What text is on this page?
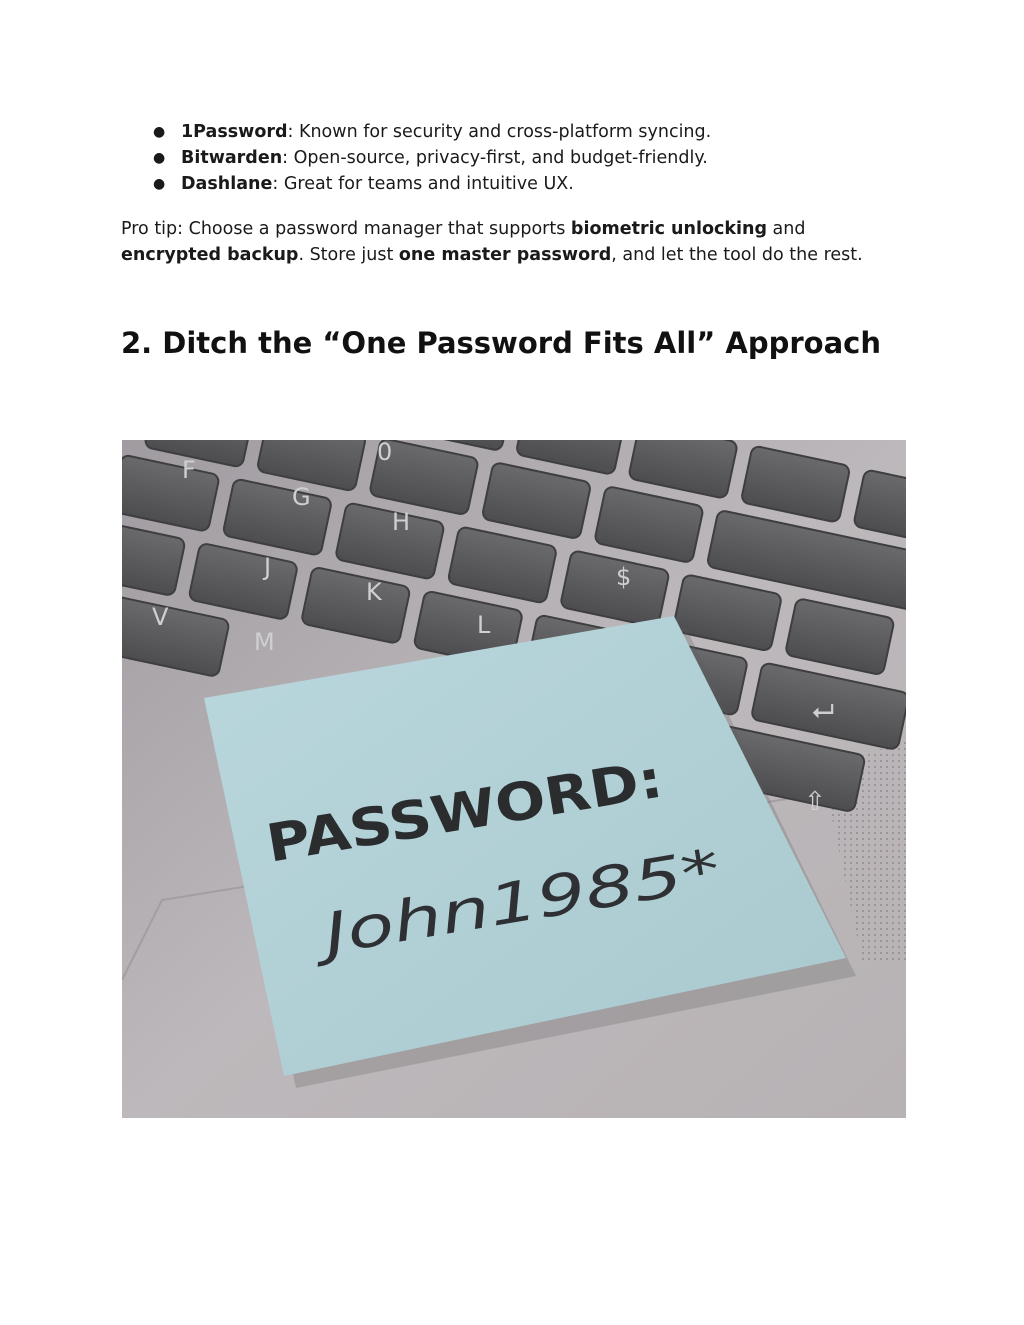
● 1Password: Known for security and cross-platform syncing.
● Bitwarden: Open-source, privacy-first, and budget-friendly.
● Dashlane: Great for teams and intuitive UX.

Pro tip: Choose a password manager that supports biometric unlocking and encrypted backup. Store just one master password, and let the tool do the rest.

2. Ditch the “One Password Fits All” Approach
F
G
H
J
K
L
V
M
$
0
⮠
⇧
PASSWORD:
John1985*
